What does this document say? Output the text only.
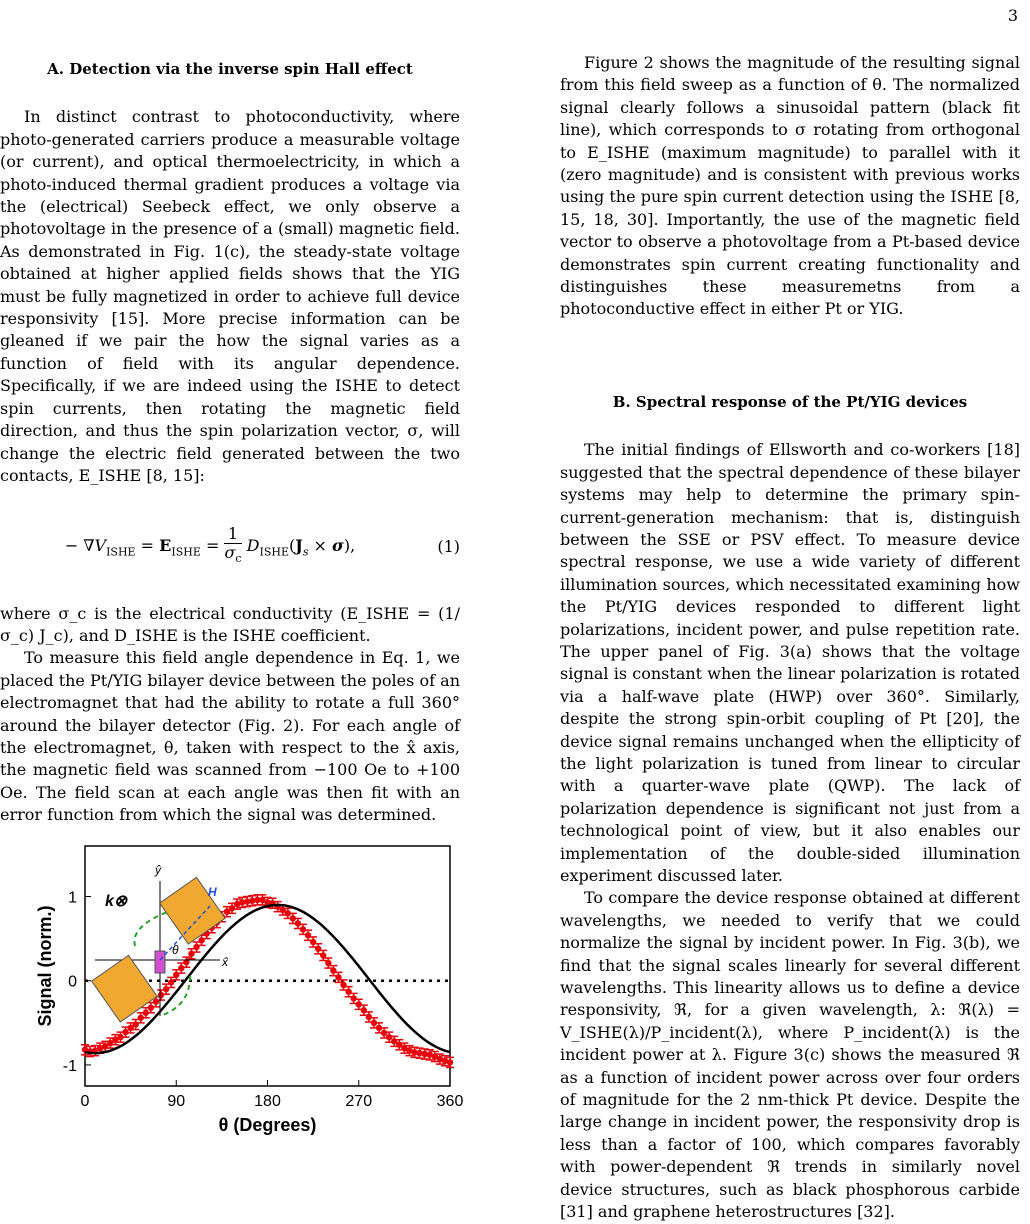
3
A. Detection via the inverse spin Hall effect

In distinct contrast to photoconductivity, where photo-generated carriers produce a measurable voltage (or current), and optical thermoelectricity, in which a photo-induced thermal gradient produces a voltage via the (electrical) Seebeck effect, we only observe a photovoltage in the presence of a (small) magnetic field. As demonstrated in Fig. 1(c), the steady-state voltage obtained at higher applied fields shows that the YIG must be fully magnetized in order to achieve full device responsivity [15]. More precise information can be gleaned if we pair the how the signal varies as a function of field with its angular dependence. Specifically, if we are indeed using the ISHE to detect spin currents, then rotating the magnetic field direction, and thus the spin polarization vector, σ, will change the electric field generated between the two contacts, E_ISHE [8, 15]:

− $\nabla V_{ISHE} = E_{ISHE} = \frac{1}{\sigma_c} D_{ISHE}(J_s \times \sigma)$,	(1)

where σ_c is the electrical conductivity (E_ISHE = (1/σ_c) J_c), and D_ISHE is the ISHE coefficient.

To measure this field angle dependence in Eq. 1, we placed the Pt/YIG bilayer device between the poles of an electromagnet that had the ability to rotate a full 360° around the bilayer detector (Fig. 2). For each angle of the electromagnet, θ, taken with respect to the x̂ axis, the magnetic field was scanned from −100 Oe to +100 Oe. The field scan at each angle was then fit with an error function from which the signal was determined.

0	90	180	270	360
-1
0
1
θ (Degrees)
Signal (norm.)
k⊗
ŷ
H
x̂
θ

Figure 2 shows the magnitude of the resulting signal from this field sweep as a function of θ. The normalized signal clearly follows a sinusoidal pattern (black fit line), which corresponds to σ rotating from orthogonal to E_ISHE (maximum magnitude) to parallel with it (zero magnitude) and is consistent with previous works using the pure spin current detection using the ISHE [8, 15, 18, 30]. Importantly, the use of the magnetic field vector to observe a photovoltage from a Pt-based device demonstrates spin current creating functionality and distinguishes these measuremetns from a photoconductive effect in either Pt or YIG.

B. Spectral response of the Pt/YIG devices

The initial findings of Ellsworth and co-workers [18] suggested that the spectral dependence of these bilayer systems may help to determine the primary spin-current-generation mechanism: that is, distinguish between the SSE or PSV effect. To measure device spectral response, we use a wide variety of different illumination sources, which necessitated examining how the Pt/YIG devices responded to different light polarizations, incident power, and pulse repetition rate. The upper panel of Fig. 3(a) shows that the voltage signal is constant when the linear polarization is rotated via a half-wave plate (HWP) over 360°. Similarly, despite the strong spin-orbit coupling of Pt [20], the device signal remains unchanged when the ellipticity of the light polarization is tuned from linear to circular with a quarter-wave plate (QWP). The lack of polarization dependence is significant not just from a technological point of view, but it also enables our implementation of the double-sided illumination experiment discussed later.

To compare the device response obtained at different wavelengths, we needed to verify that we could normalize the signal by incident power. In Fig. 3(b), we find that the signal scales linearly for several different wavelengths. This linearity allows us to define a device responsivity, ℜ, for a given wavelength, λ: ℜ(λ) = V_ISHE(λ)/P_incident(λ), where P_incident(λ) is the incident power at λ. Figure 3(c) shows the measured ℜ as a function of incident power across over four orders of magnitude for the 2 nm-thick Pt device. Despite the large change in incident power, the responsivity drop is less than a factor of 100, which compares favorably with power-dependent ℜ trends in similarly novel device structures, such as black phosphorous carbide [31] and graphene heterostructures [32].
